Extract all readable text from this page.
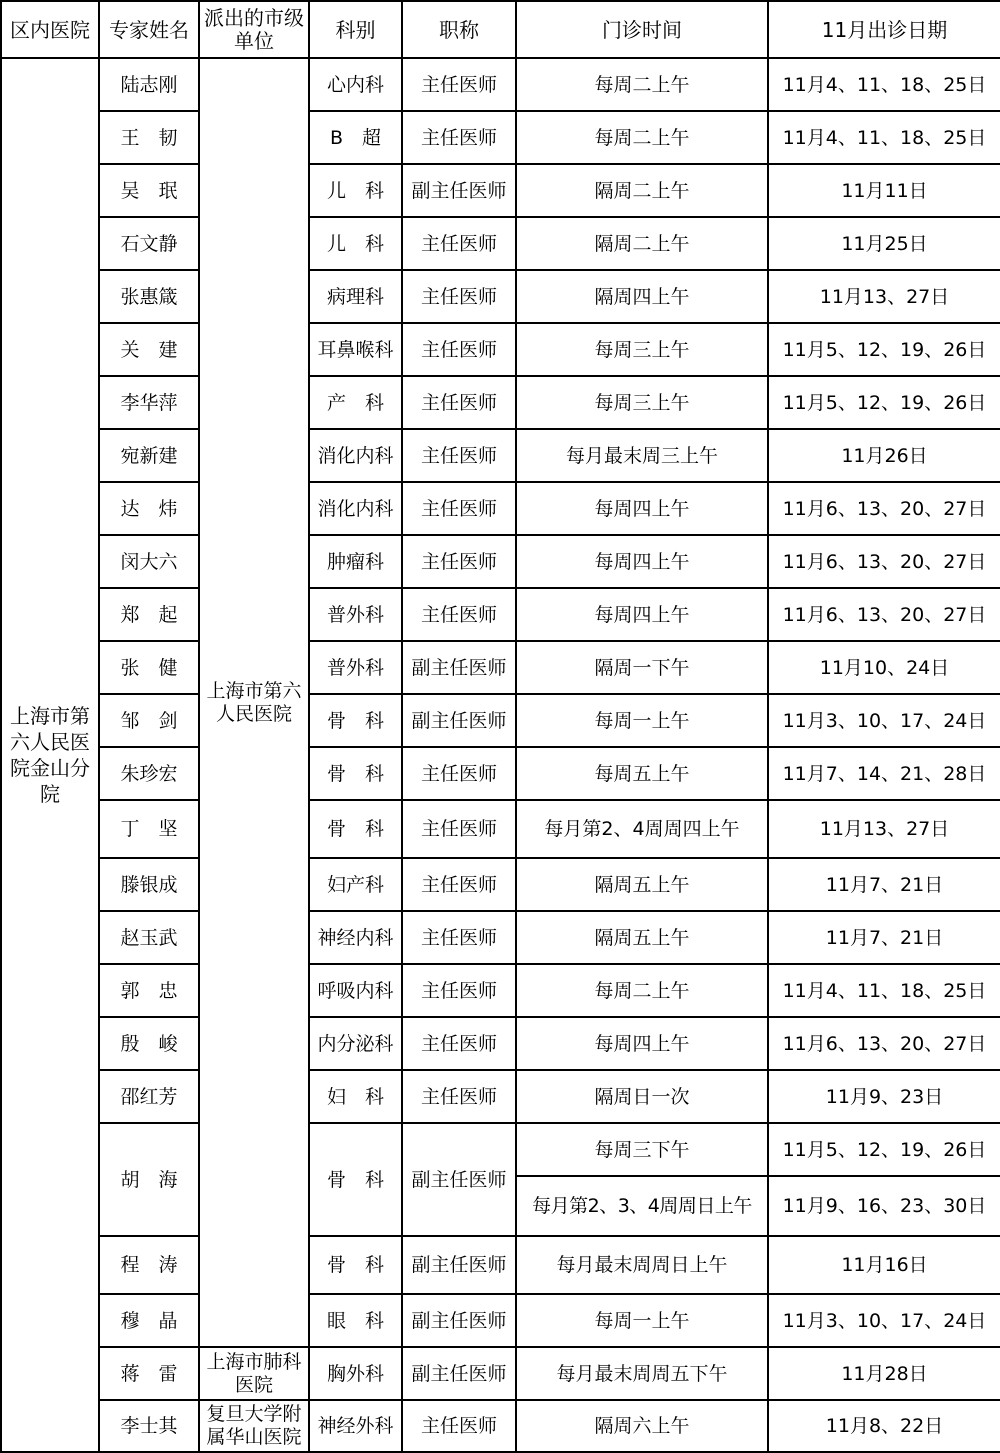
区内医院	专家姓名	派出的市级单位	科别	职称	门诊时间	11月出诊日期
上海市第六人民医院金山分院	陆志刚	上海市第六人民医院	心内科	主任医师	每周二上午	11月4、11、18、25日
	王　韧		B　超	主任医师	每周二上午	11月4、11、18、25日
	吴　珉		儿　科	副主任医师	隔周二上午	11月11日
	石文静		儿　科	主任医师	隔周二上午	11月25日
	张惠箴		病理科	主任医师	隔周四上午	11月13、27日
	关　建		耳鼻喉科	主任医师	每周三上午	11月5、12、19、26日
	李华萍		产　科	主任医师	每周三上午	11月5、12、19、26日
	宛新建		消化内科	主任医师	每月最末周三上午	11月26日
	达　炜		消化内科	主任医师	每周四上午	11月6、13、20、27日
	闵大六		肿瘤科	主任医师	每周四上午	11月6、13、20、27日
	郑　起		普外科	主任医师	每周四上午	11月6、13、20、27日
	张　健		普外科	副主任医师	隔周一下午	11月10、24日
	邹　剑		骨　科	副主任医师	每周一上午	11月3、10、17、24日
	朱珍宏		骨　科	主任医师	每周五上午	11月7、14、21、28日
	丁　坚		骨　科	主任医师	每月第2、4周周四上午	11月13、27日
	滕银成		妇产科	主任医师	隔周五上午	11月7、21日
	赵玉武		神经内科	主任医师	隔周五上午	11月7、21日
	郭　忠		呼吸内科	主任医师	每周二上午	11月4、11、18、25日
	殷　峻		内分泌科	主任医师	每周四上午	11月6、13、20、27日
	邵红芳		妇　科	主任医师	隔周日一次	11月9、23日
	胡　海		骨　科	副主任医师	每周三下午	11月5、12、19、26日
					每月第2、3、4周周日上午	11月9、16、23、30日
	程　涛		骨　科	副主任医师	每月最末周周日上午	11月16日
	穆　晶		眼　科	副主任医师	每周一上午	11月3、10、17、24日
	蒋　雷	上海市肺科医院	胸外科	副主任医师	每月最末周周五下午	11月28日
	李士其	复旦大学附属华山医院	神经外科	主任医师	隔周六上午	11月8、22日
